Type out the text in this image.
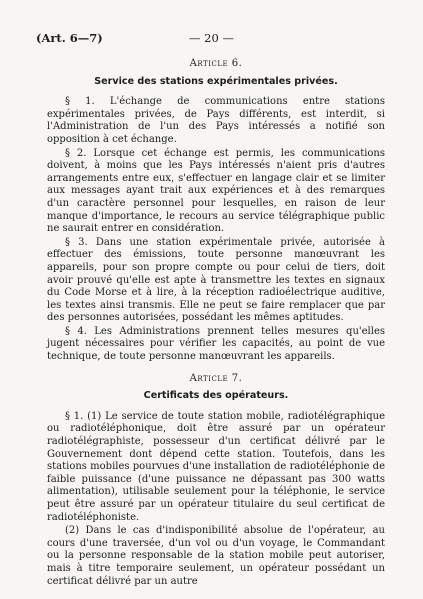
(Art. 6—7)	— 20 —
Article 6.
Service des stations expérimentales privées.

§ 1. L'échange de communications entre stations expérimentales privées, de Pays différents, est interdit, si l'Administration de l'un des Pays intéressés a notifié son opposition à cet échange.

§ 2. Lorsque cet échange est permis, les communications doivent, à moins que les Pays intéressés n'aient pris d'autres arrangements entre eux, s'effectuer en langage clair et se limiter aux messages ayant trait aux expériences et à des remarques d'un caractère personnel pour lesquelles, en raison de leur manque d'importance, le recours au service télégraphique public ne saurait entrer en considération.

§ 3. Dans une station expérimentale privée, autorisée à effectuer des émissions, toute personne manœuvrant les appareils, pour son propre compte ou pour celui de tiers, doit avoir prouvé qu'elle est apte à transmettre les textes en signaux du Code Morse et à lire, à la réception radioélectrique auditive, les textes ainsi transmis. Elle ne peut se faire remplacer que par des personnes autorisées, possédant les mêmes aptitudes.

§ 4. Les Administrations prennent telles mesures qu'elles jugent nécessaires pour vérifier les capacités, au point de vue technique, de toute personne manœuvrant les appareils.

Article 7.
Certificats des opérateurs.

§ 1. (1) Le service de toute station mobile, radiotélégraphique ou radiotéléphonique, doit être assuré par un opérateur radiotélégraphiste, possesseur d'un certificat délivré par le Gouvernement dont dépend cette station. Toutefois, dans les stations mobiles pourvues d'une installation de radiotéléphonie de faible puissance (d'une puissance ne dépassant pas 300 watts alimentation), utilisable seulement pour la téléphonie, le service peut être assuré par un opérateur titulaire du seul certificat de radiotéléphoniste.

(2) Dans le cas d'indisponibilité absolue de l'opérateur, au cours d'une traversée, d'un vol ou d'un voyage, le Commandant ou la personne responsable de la station mobile peut autoriser, mais à titre temporaire seulement, un opérateur possédant un certificat délivré par un autre
